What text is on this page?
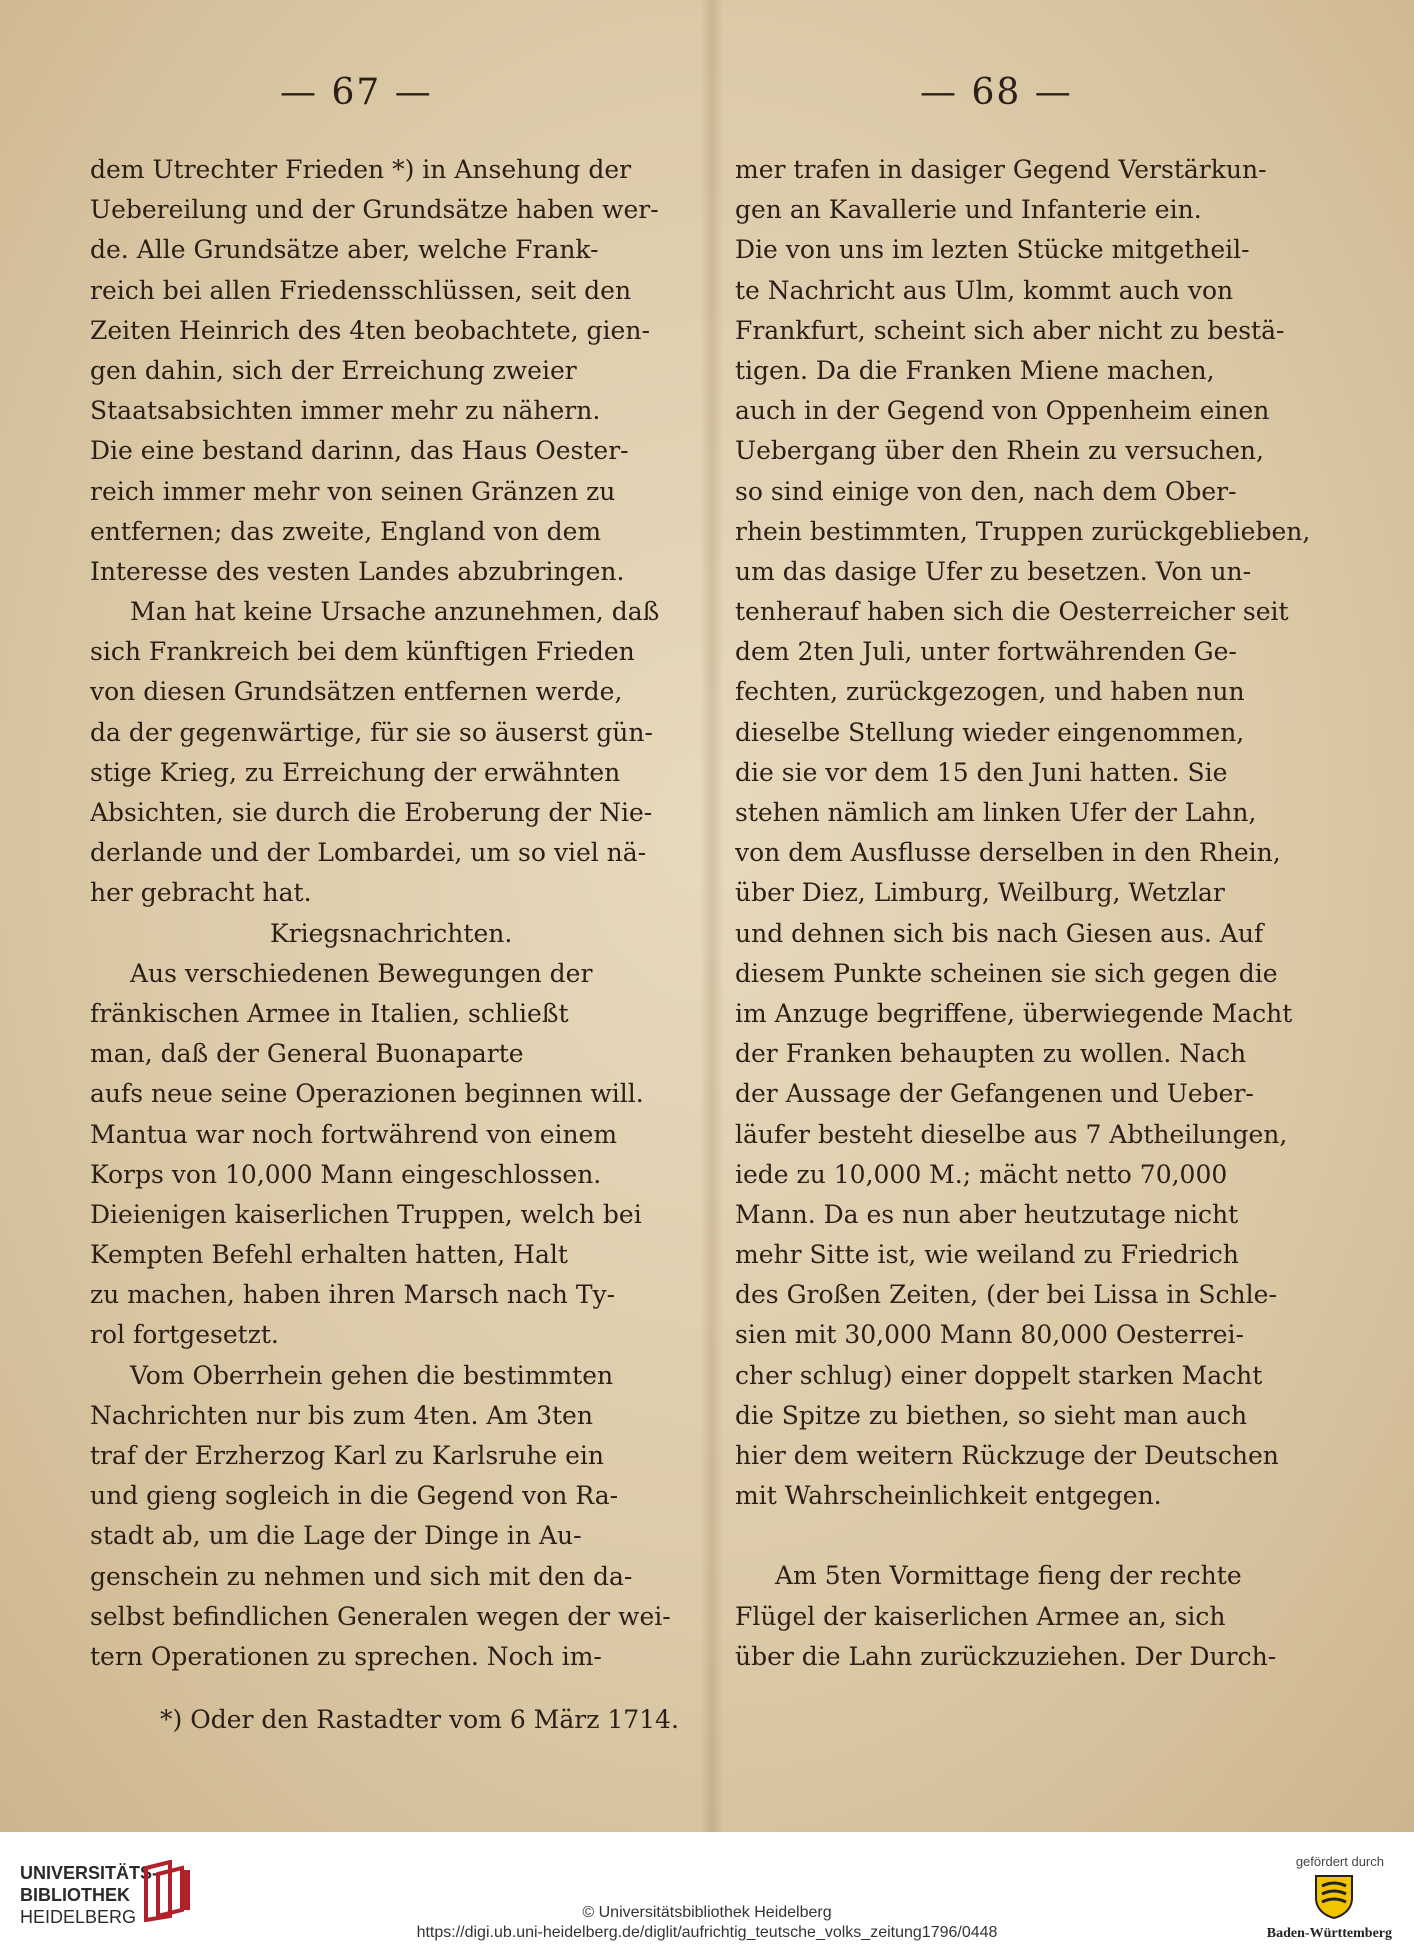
— 67 —	— 68 —
dem Utrechter Frieden *) in Ansehung der
Uebereilung und der Grundsätze haben wer-
de. Alle Grundsätze aber, welche Frank-
reich bei allen Friedensschlüssen, seit den
Zeiten Heinrich des 4ten beobachtete, gien-
gen dahin, sich der Erreichung zweier
Staatsabsichten immer mehr zu nähern.
Die eine bestand darinn, das Haus Oester-
reich immer mehr von seinen Gränzen zu
entfernen; das zweite, England von dem
Interesse des vesten Landes abzubringen.
Man hat keine Ursache anzunehmen, daß
sich Frankreich bei dem künftigen Frieden
von diesen Grundsätzen entfernen werde,
da der gegenwärtige, für sie so äuserst gün-
stige Krieg, zu Erreichung der erwähnten
Absichten, sie durch die Eroberung der Nie-
derlande und der Lombardei, um so viel nä-
her gebracht hat.
Kriegsnachrichten.
Aus verschiedenen Bewegungen der
fränkischen Armee in Italien, schließt
man, daß der General Buonaparte
aufs neue seine Operazionen beginnen will.
Mantua war noch fortwährend von einem
Korps von 10,000 Mann eingeschlossen.
Dieienigen kaiserlichen Truppen, welch bei
Kempten Befehl erhalten hatten, Halt
zu machen, haben ihren Marsch nach Ty-
rol fortgesetzt.
Vom Oberrhein gehen die bestimmten
Nachrichten nur bis zum 4ten. Am 3ten
traf der Erzherzog Karl zu Karlsruhe ein
und gieng sogleich in die Gegend von Ra-
stadt ab, um die Lage der Dinge in Au-
genschein zu nehmen und sich mit den da-
selbst befindlichen Generalen wegen der wei-
tern Operationen zu sprechen. Noch im-
mer trafen in dasiger Gegend Verstärkun-
gen an Kavallerie und Infanterie ein.
Die von uns im lezten Stücke mitgetheil-
te Nachricht aus Ulm, kommt auch von
Frankfurt, scheint sich aber nicht zu bestä-
tigen. Da die Franken Miene machen,
auch in der Gegend von Oppenheim einen
Uebergang über den Rhein zu versuchen,
so sind einige von den, nach dem Ober-
rhein bestimmten, Truppen zurückgeblieben,
um das dasige Ufer zu besetzen. Von un-
tenherauf haben sich die Oesterreicher seit
dem 2ten Juli, unter fortwährenden Ge-
fechten, zurückgezogen, und haben nun
dieselbe Stellung wieder eingenommen,
die sie vor dem 15 den Juni hatten. Sie
stehen nämlich am linken Ufer der Lahn,
von dem Ausflusse derselben in den Rhein,
über Diez, Limburg, Weilburg, Wetzlar
und dehnen sich bis nach Giesen aus. Auf
diesem Punkte scheinen sie sich gegen die
im Anzuge begriffene, überwiegende Macht
der Franken behaupten zu wollen. Nach
der Aussage der Gefangenen und Ueber-
läufer besteht dieselbe aus 7 Abtheilungen,
iede zu 10,000 M.; mächt netto 70,000
Mann. Da es nun aber heutzutage nicht
mehr Sitte ist, wie weiland zu Friedrich
des Großen Zeiten, (der bei Lissa in Schle-
sien mit 30,000 Mann 80,000 Oesterrei-
cher schlug) einer doppelt starken Macht
die Spitze zu biethen, so sieht man auch
hier dem weitern Rückzuge der Deutschen
mit Wahrscheinlichkeit entgegen.
Am 5ten Vormittage fieng der rechte
Flügel der kaiserlichen Armee an, sich
über die Lahn zurückzuziehen. Der Durch-
*) Oder den Rastadter vom 6 März 1714.
UNIVERSITÄTS-
BIBLIOTHEK
HEIDELBERG	© Universitätsbibliothek Heidelberg
https://digi.ub.uni-heidelberg.de/diglit/aufrichtig_teutsche_volks_zeitung1796/0448
gefördert durch
Baden-Württemberg
